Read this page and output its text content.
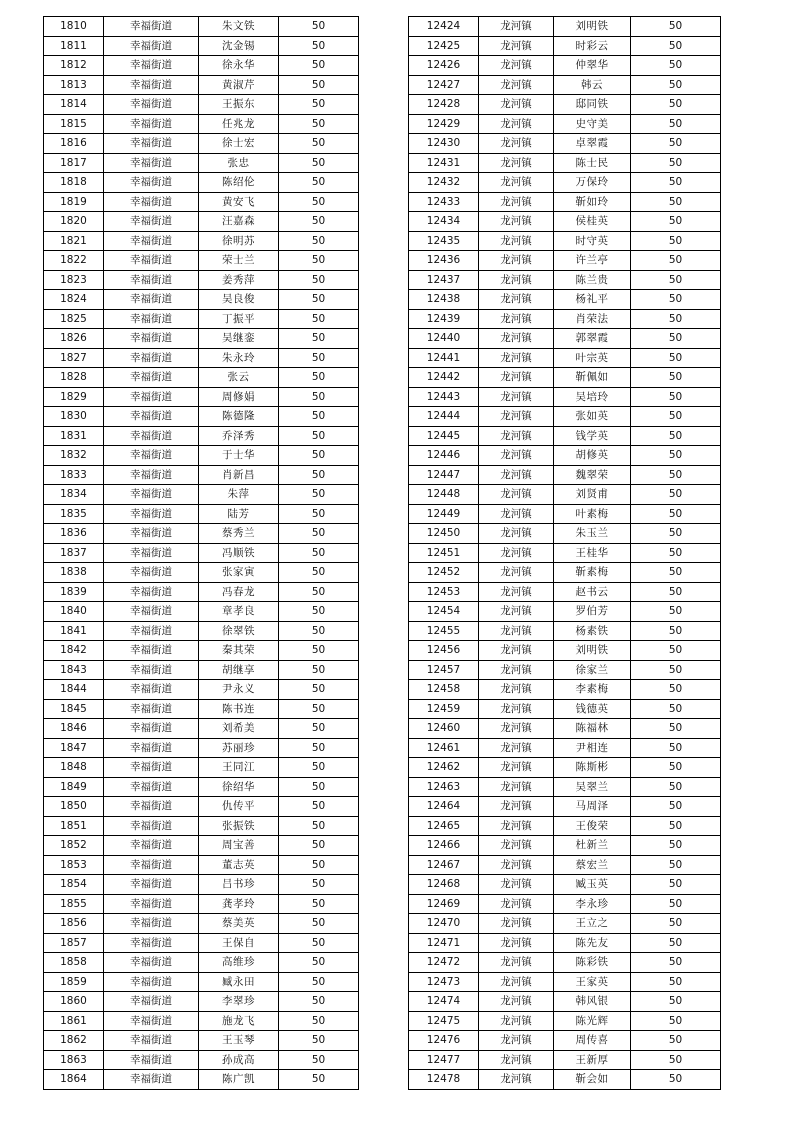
1810	幸福街道	朱文铁	50
1811	幸福街道	沈金锡	50
1812	幸福街道	徐永华	50
1813	幸福街道	黄淑芹	50
1814	幸福街道	王振东	50
1815	幸福街道	任兆龙	50
1816	幸福街道	徐士宏	50
1817	幸福街道	张忠	50
1818	幸福街道	陈绍伦	50
1819	幸福街道	黄安飞	50
1820	幸福街道	汪嘉森	50
1821	幸福街道	徐明苏	50
1822	幸福街道	荣士兰	50
1823	幸福街道	姜秀萍	50
1824	幸福街道	吴良俊	50
1825	幸福街道	丁振平	50
1826	幸福街道	吴继銮	50
1827	幸福街道	朱永玲	50
1828	幸福街道	张云	50
1829	幸福街道	周修娟	50
1830	幸福街道	陈德隆	50
1831	幸福街道	乔泽秀	50
1832	幸福街道	于士华	50
1833	幸福街道	肖新昌	50
1834	幸福街道	朱萍	50
1835	幸福街道	陆芳	50
1836	幸福街道	蔡秀兰	50
1837	幸福街道	冯顺铁	50
1838	幸福街道	张家寅	50
1839	幸福街道	冯春龙	50
1840	幸福街道	章孝良	50
1841	幸福街道	徐翠铁	50
1842	幸福街道	秦其荣	50
1843	幸福街道	胡继享	50
1844	幸福街道	尹永义	50
1845	幸福街道	陈书连	50
1846	幸福街道	刘希美	50
1847	幸福街道	苏丽珍	50
1848	幸福街道	王同江	50
1849	幸福街道	徐绍华	50
1850	幸福街道	仇传平	50
1851	幸福街道	张振铁	50
1852	幸福街道	周宝善	50
1853	幸福街道	董志英	50
1854	幸福街道	吕书珍	50
1855	幸福街道	龚孝玲	50
1856	幸福街道	蔡美英	50
1857	幸福街道	王保自	50
1858	幸福街道	高维珍	50
1859	幸福街道	臧永田	50
1860	幸福街道	李翠珍	50
1861	幸福街道	施龙飞	50
1862	幸福街道	王玉琴	50
1863	幸福街道	孙成高	50
1864	幸福街道	陈广凯	50
12424	龙河镇	刘明铁	50
12425	龙河镇	时彩云	50
12426	龙河镇	仲翠华	50
12427	龙河镇	韩云	50
12428	龙河镇	邸同铁	50
12429	龙河镇	史守美	50
12430	龙河镇	卓翠霞	50
12431	龙河镇	陈士民	50
12432	龙河镇	万保玲	50
12433	龙河镇	靳如玲	50
12434	龙河镇	侯桂英	50
12435	龙河镇	时守英	50
12436	龙河镇	许兰亭	50
12437	龙河镇	陈兰贵	50
12438	龙河镇	杨礼平	50
12439	龙河镇	肖荣法	50
12440	龙河镇	郭翠霞	50
12441	龙河镇	叶宗英	50
12442	龙河镇	靳佩如	50
12443	龙河镇	吴培玲	50
12444	龙河镇	张如英	50
12445	龙河镇	钱学英	50
12446	龙河镇	胡修英	50
12447	龙河镇	魏翠荣	50
12448	龙河镇	刘贤甫	50
12449	龙河镇	叶素梅	50
12450	龙河镇	朱玉兰	50
12451	龙河镇	王桂华	50
12452	龙河镇	靳素梅	50
12453	龙河镇	赵书云	50
12454	龙河镇	罗伯芳	50
12455	龙河镇	杨素铁	50
12456	龙河镇	刘明铁	50
12457	龙河镇	徐家兰	50
12458	龙河镇	李素梅	50
12459	龙河镇	钱德英	50
12460	龙河镇	陈福林	50
12461	龙河镇	尹相连	50
12462	龙河镇	陈斯彬	50
12463	龙河镇	吴翠兰	50
12464	龙河镇	马周泽	50
12465	龙河镇	王俊荣	50
12466	龙河镇	杜新兰	50
12467	龙河镇	蔡宏兰	50
12468	龙河镇	臧玉英	50
12469	龙河镇	李永珍	50
12470	龙河镇	王立之	50
12471	龙河镇	陈先友	50
12472	龙河镇	陈彩铁	50
12473	龙河镇	王家英	50
12474	龙河镇	韩风银	50
12475	龙河镇	陈光辉	50
12476	龙河镇	周传喜	50
12477	龙河镇	王新厚	50
12478	龙河镇	靳会如	50
